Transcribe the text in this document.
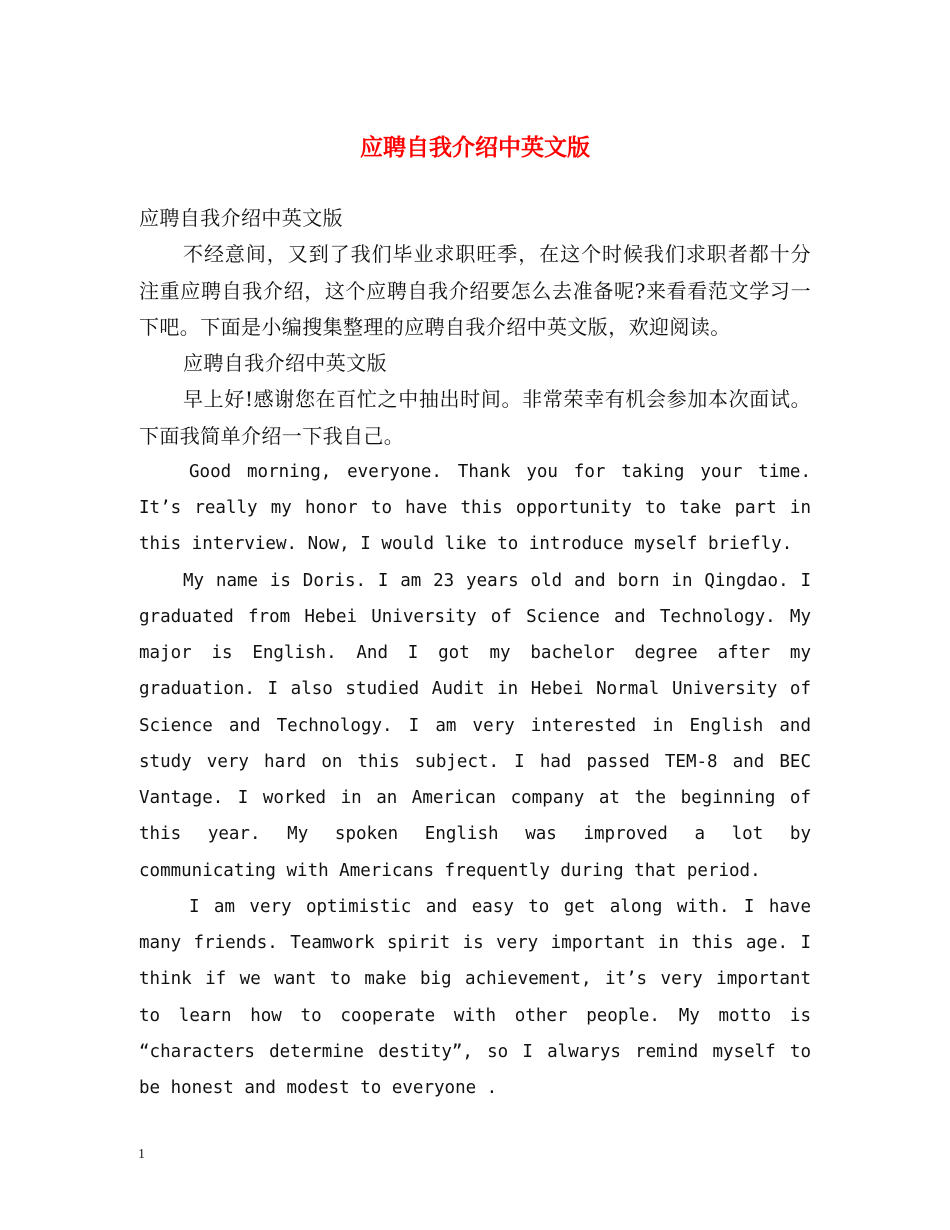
应聘自我介绍中英文版

应聘自我介绍中英文版

不经意间，又到了我们毕业求职旺季，在这个时候我们求职者都十分注重应聘自我介绍，这个应聘自我介绍要怎么去准备呢?来看看范文学习一下吧。下面是小编搜集整理的应聘自我介绍中英文版，欢迎阅读。

应聘自我介绍中英文版

早上好!感谢您在百忙之中抽出时间。非常荣幸有机会参加本次面试。下面我简单介绍一下我自己。

Good morning, everyone. Thank you for taking your time. It’s really my honor to have this opportunity to take part in this interview. Now, I would like to introduce myself briefly.

My name is Doris. I am 23 years old and born in Qingdao. I graduated from Hebei University of Science and Technology. My major is English. And I got my bachelor degree after my graduation. I also studied Audit in Hebei Normal University of Science and Technology. I am very interested in English and study very hard on this subject. I had passed TEM-8 and BEC Vantage. I worked in an American company at the beginning of this year. My spoken English was improved a lot by communicating with Americans frequently during that period.

I am very optimistic and easy to get along with. I have many friends. Teamwork spirit is very important in this age. I think if we want to make big achievement, it’s very important to learn how to cooperate with other people. My motto is “characters determine destity”, so I alwarys remind myself to be honest and modest to everyone .

1
